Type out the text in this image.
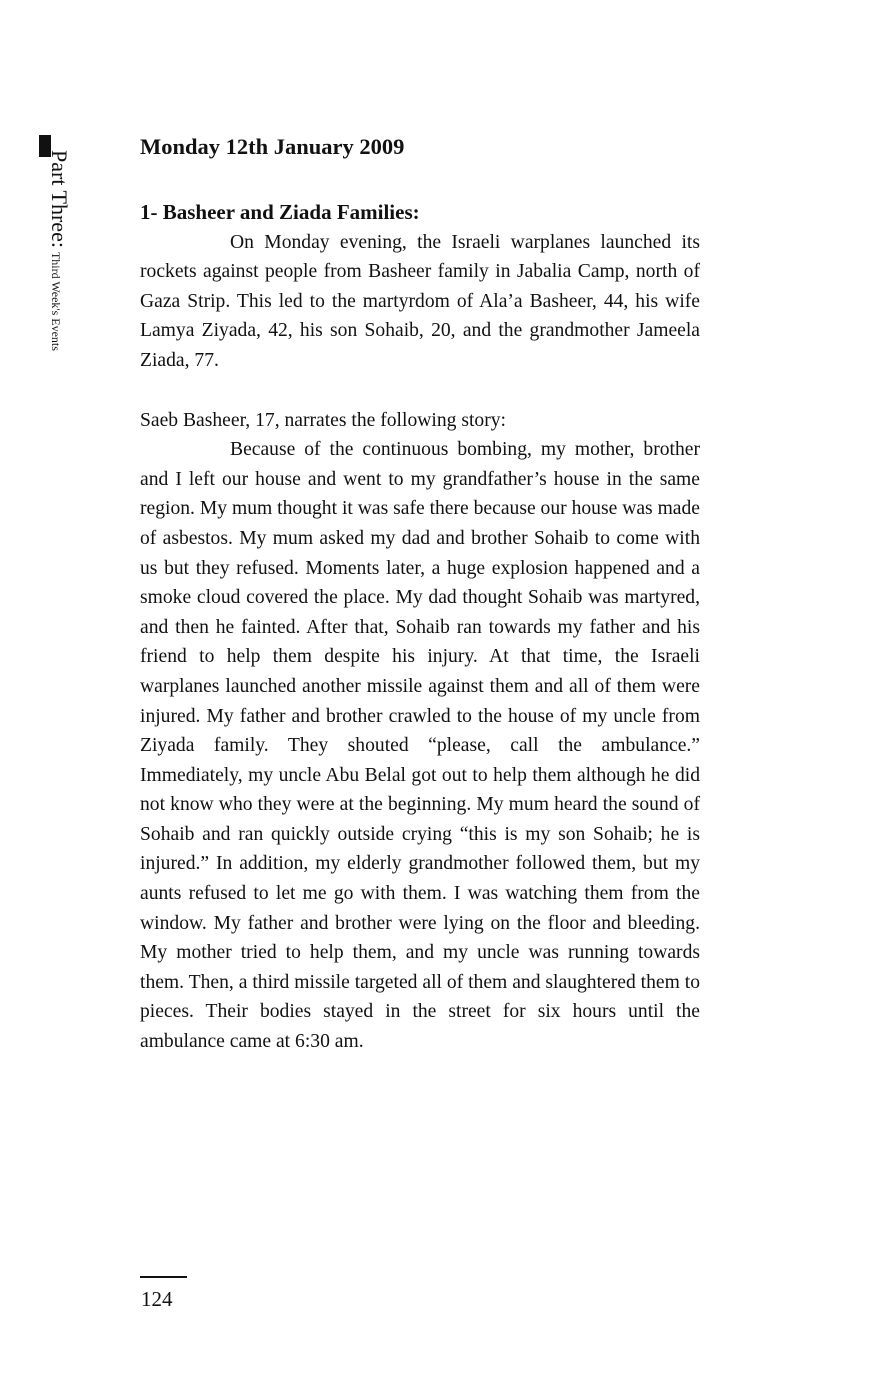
Part Three: Third Week's Events
Monday 12th January 2009
1- Basheer and Ziada Families:

On Monday evening, the Israeli warplanes launched its rockets against people from Basheer family in Jabalia Camp, north of Gaza Strip. This led to the martyrdom of Ala’a Basheer, 44, his wife Lamya Ziyada, 42, his son Sohaib, 20, and the grandmother Jameela Ziada, 77.

Saeb Basheer, 17, narrates the following story:

Because of the continuous bombing, my mother, brother and I left our house and went to my grandfather’s house in the same region. My mum thought it was safe there because our house was made of asbestos. My mum asked my dad and brother Sohaib to come with us but they refused. Moments later, a huge explosion happened and a smoke cloud covered the place. My dad thought Sohaib was martyred, and then he fainted. After that, Sohaib ran towards my father and his friend to help them despite his injury. At that time, the Israeli warplanes launched another missile against them and all of them were injured. My father and brother crawled to the house of my uncle from Ziyada family. They shouted “please, call the ambulance.” Immediately, my uncle Abu Belal got out to help them although he did not know who they were at the beginning. My mum heard the sound of Sohaib and ran quickly outside crying “this is my son Sohaib; he is injured.” In addition, my elderly grandmother followed them, but my aunts refused to let me go with them. I was watching them from the window. My father and brother were lying on the floor and bleeding. My mother tried to help them, and my uncle was running towards them. Then, a third missile targeted all of them and slaughtered them to pieces. Their bodies stayed in the street for six hours until the ambulance came at 6:30 am.

124
